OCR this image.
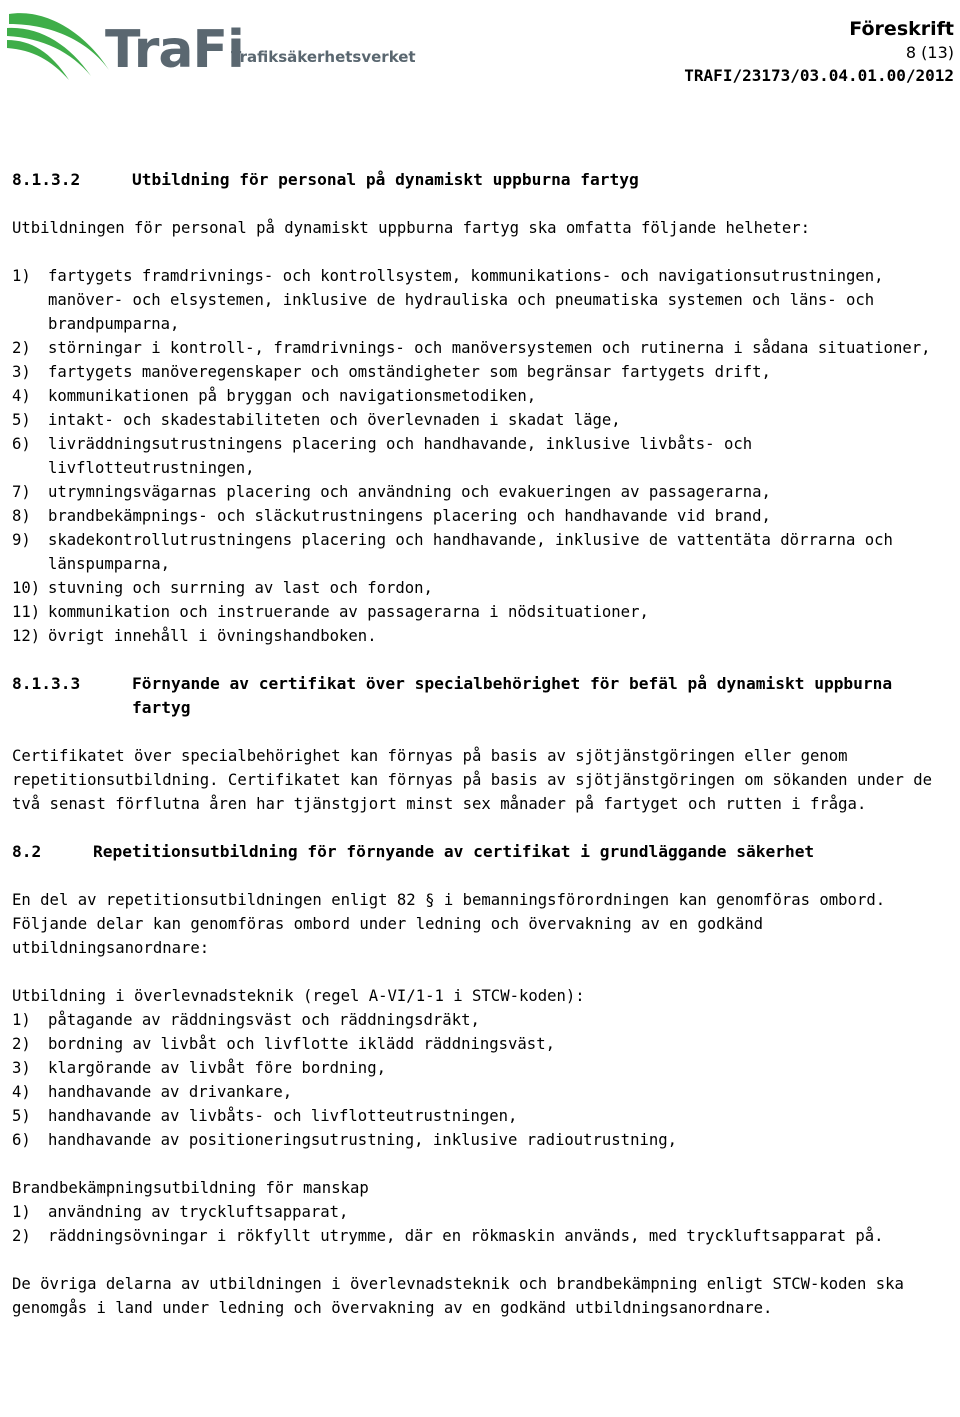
TraFi
Trafiksäkerhetsverket
Föreskrift
8 (13)
TRAFI/23173/03.04.01.00/2012
8.1.3.2	Utbildning för personal på dynamiskt uppburna fartyg
Utbildningen för personal på dynamiskt uppburna fartyg ska omfatta följande helheter:
1)	fartygets framdrivnings- och kontrollsystem, kommunikations- och navigationsutrustningen, manöver- och elsystemen, inklusive de hydrauliska och pneumatiska systemen och läns- och brandpumparna,
2)	störningar i kontroll-, framdrivnings- och manöversystemen och rutinerna i sådana situationer,
3)	fartygets manöveregenskaper och omständigheter som begränsar fartygets drift,
4)	kommunikationen på bryggan och navigationsmetodiken,
5)	intakt- och skadestabiliteten och överlevnaden i skadat läge,
6)	livräddningsutrustningens placering och handhavande, inklusive livbåts- och livflotteutrustningen,
7)	utrymningsvägarnas placering och användning och evakueringen av passagerarna,
8)	brandbekämpnings- och släckutrustningens placering och handhavande vid brand,
9)	skadekontrollutrustningens placering och handhavande, inklusive de vattentäta dörrarna och länspumparna,
10) stuvning och surrning av last och fordon,
11) kommunikation och instruerande av passagerarna i nödsituationer,
12) övrigt innehåll i övningshandboken.
8.1.3.3	Förnyande av certifikat över specialbehörighet för befäl på dynamiskt uppburna fartyg
Certifikatet över specialbehörighet kan förnyas på basis av sjötjänstgöringen eller genom repetitionsutbildning. Certifikatet kan förnyas på basis av sjötjänstgöringen om sökanden under de två senast förflutna åren har tjänstgjort minst sex månader på fartyget och rutten i fråga.
8.2	Repetitionsutbildning för förnyande av certifikat i grundläggande säkerhet
En del av repetitionsutbildningen enligt 82 § i bemanningsförordningen kan genomföras ombord. Följande delar kan genomföras ombord under ledning och övervakning av en godkänd utbildningsanordnare:
Utbildning i överlevnadsteknik (regel A-VI/1-1 i STCW-koden):
1)	påtagande av räddningsväst och räddningsdräkt,
2)	bordning av livbåt och livflotte iklädd räddningsväst,
3)	klargörande av livbåt före bordning,
4)	handhavande av drivankare,
5)	handhavande av livbåts- och livflotteutrustningen,
6)	handhavande av positioneringsutrustning, inklusive radioutrustning,
Brandbekämpningsutbildning för manskap
1)	användning av tryckluftsapparat,
2)	räddningsövningar i rökfyllt utrymme, där en rökmaskin används, med tryckluftsapparat på.
De övriga delarna av utbildningen i överlevnadsteknik och brandbekämpning enligt STCW-koden ska genomgås i land under ledning och övervakning av en godkänd utbildningsanordnare.
